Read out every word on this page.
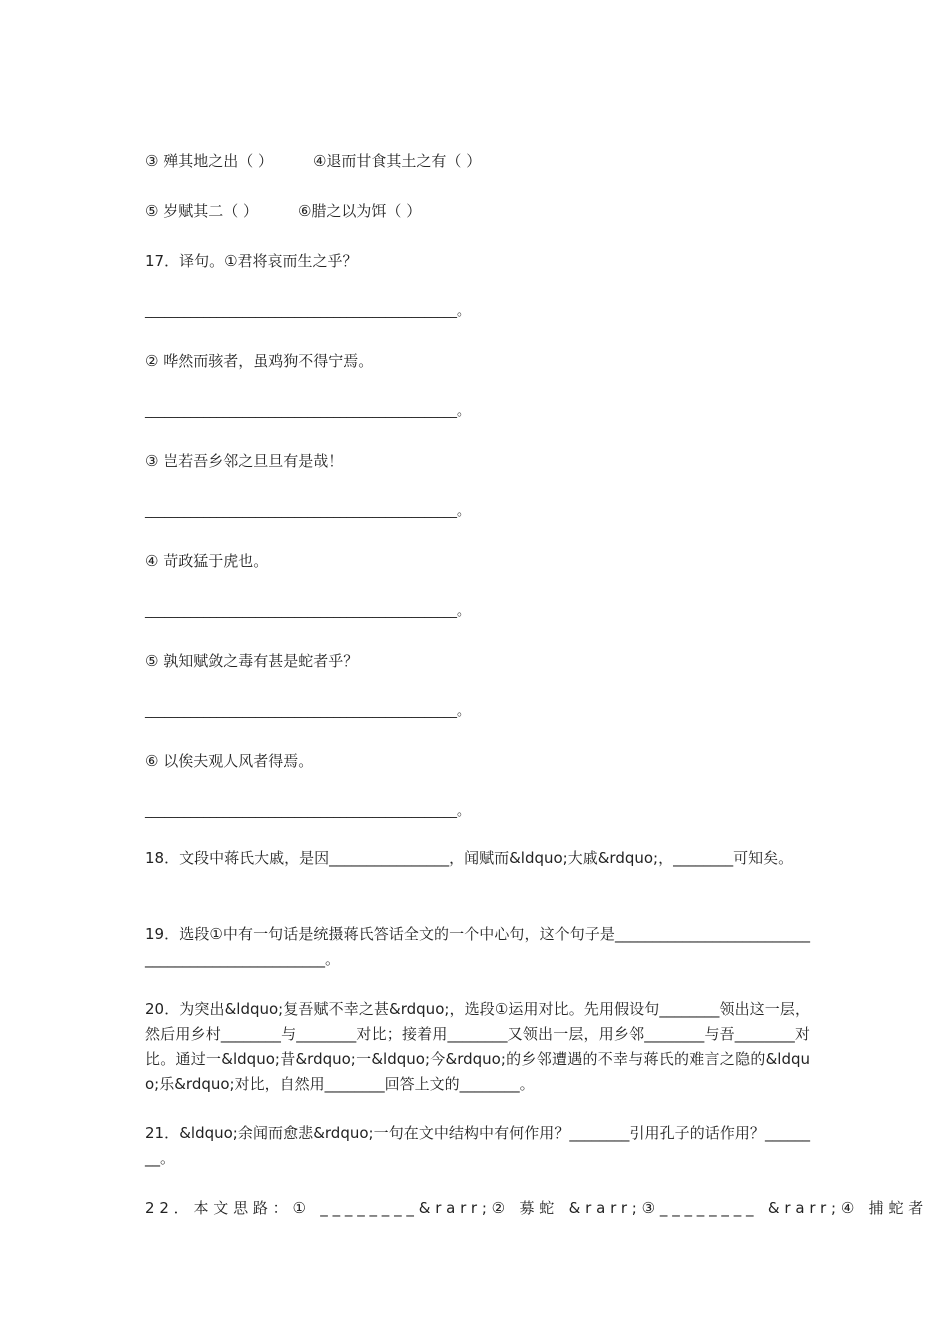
③ 殚其地之出（ ）	④退而甘食其土之有（ ）
⑤ 岁赋其二（ ）	⑥腊之以为饵（ ）
17．译句。①君将哀而生之乎？
________________________________________________。
② 哗然而骇者，虽鸡狗不得宁焉。
________________________________________________。
③ 岂若吾乡邻之旦旦有是哉！
________________________________________________。
④ 苛政猛于虎也。
________________________________________________。
⑤ 孰知赋敛之毒有甚是蛇者乎？
________________________________________________。
⑥ 以俟夫观人风者得焉。
________________________________________________。
18．文段中蒋氏大戚，是因________________，闻赋而&ldquo;大戚&rdquo;，________可知矣。
19．选段①中有一句话是统摄蒋氏答话全文的一个中心句，这个句子是__________________________________________________。
20．为突出&ldquo;复吾赋不幸之甚&rdquo;，选段①运用对比。先用假设句________领出这一层，然后用乡村________与________对比；接着用________又领出一层，用乡邻________与吾________对比。通过一&ldquo;昔&rdquo;一&ldquo;今&rdquo;的乡邻遭遇的不幸与蒋氏的难言之隐的&ldquo;乐&rdquo;对比，自然用________回答上文的________。
21．&ldquo;余闻而愈悲&rdquo;一句在文中结构中有何作用？________引用孔子的话作用？________。
22．本文思路：① ________&rarr;② 募蛇 &rarr;③________ &rarr;④ 捕蛇者
